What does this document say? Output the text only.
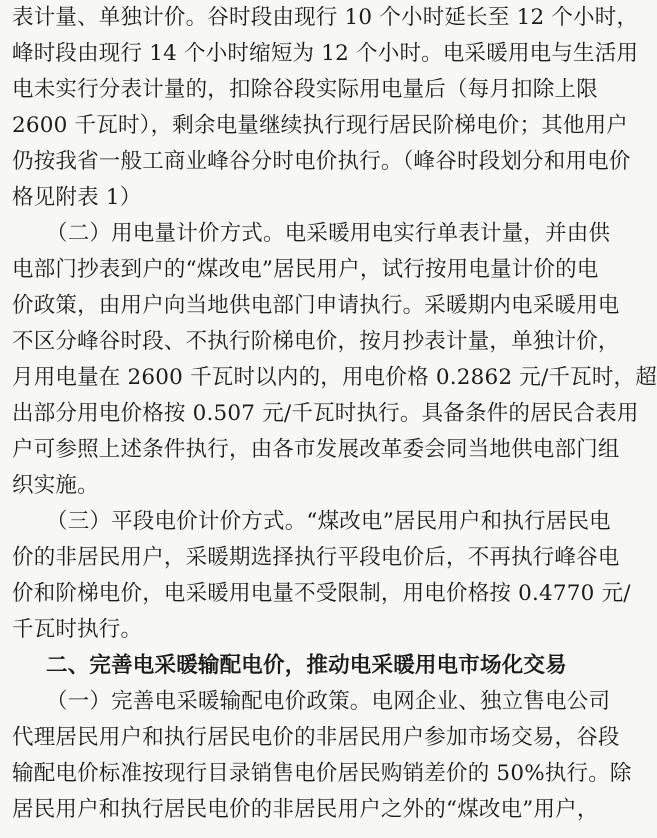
表计量、单独计价。谷时段由现行 10 个小时延长至 12 个小时，
峰时段由现行 14 个小时缩短为 12 个小时。电采暖用电与生活用
电未实行分表计量的，扣除谷段实际用电量后（每月扣除上限
2600 千瓦时），剩余电量继续执行现行居民阶梯电价；其他用户
仍按我省一般工商业峰谷分时电价执行。（峰谷时段划分和用电价
格见附表 1）
（二）用电量计价方式。电采暖用电实行单表计量，并由供
电部门抄表到户的“煤改电”居民用户，试行按用电量计价的电
价政策，由用户向当地供电部门申请执行。采暖期内电采暖用电
不区分峰谷时段、不执行阶梯电价，按月抄表计量，单独计价，
月用电量在 2600 千瓦时以内的，用电价格 0.2862 元/千瓦时，超
出部分用电价格按 0.507 元/千瓦时执行。具备条件的居民合表用
户可参照上述条件执行，由各市发展改革委会同当地供电部门组
织实施。
（三）平段电价计价方式。“煤改电”居民用户和执行居民电
价的非居民用户，采暖期选择执行平段电价后，不再执行峰谷电
价和阶梯电价，电采暖用电量不受限制，用电价格按 0.4770 元/
千瓦时执行。
二、完善电采暖输配电价，推动电采暖用电市场化交易
（一）完善电采暖输配电价政策。电网企业、独立售电公司
代理居民用户和执行居民电价的非居民用户参加市场交易，谷段
输配电价标准按现行目录销售电价居民购销差价的 50%执行。除
居民用户和执行居民电价的非居民用户之外的“煤改电”用户，
